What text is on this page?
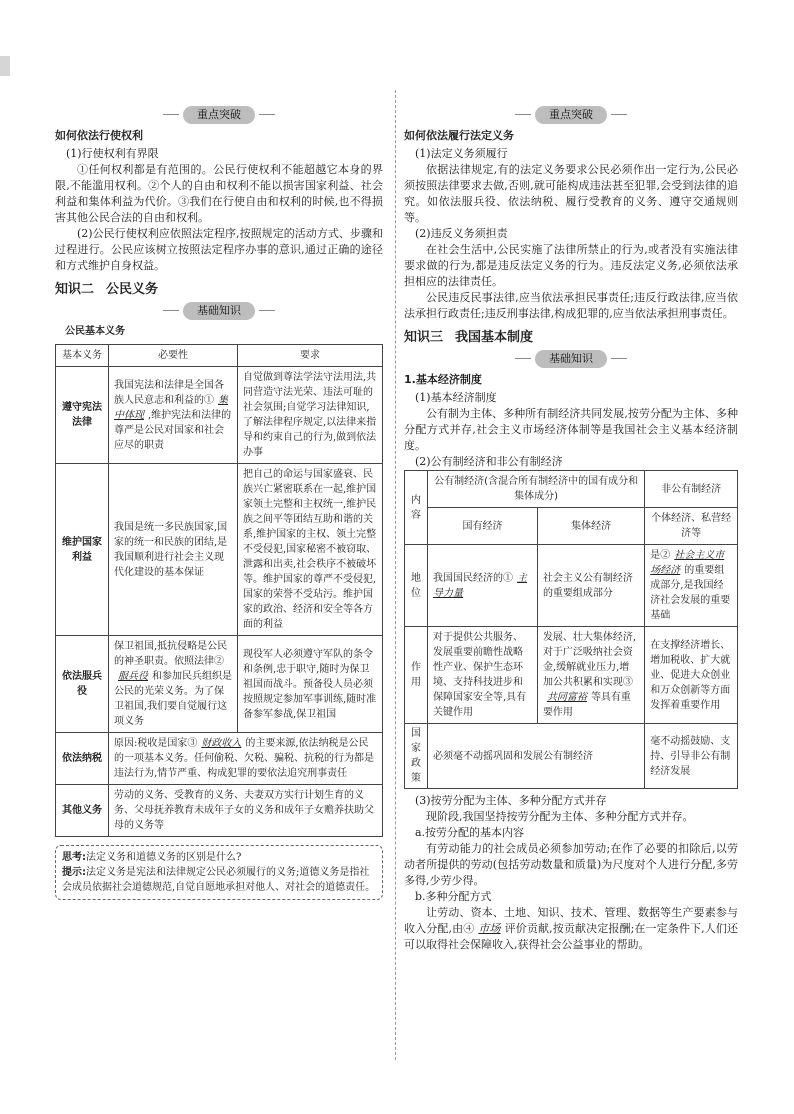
重点突破
如何依法行使权利

(1)行使权利有界限

①任何权利都是有范围的。公民行使权利不能超越它本身的界限,不能滥用权利。②个人的自由和权利不能以损害国家利益、社会利益和集体利益为代价。③我们在行使自由和权利的时候,也不得损害其他公民合法的自由和权利。

(2)公民行使权利应依照法定程序,按照规定的活动方式、步骤和过程进行。公民应该树立按照法定程序办事的意识,通过正确的途径和方式维护自身权益。

知识二 公民义务
基础知识
公民基本义务
基本义务	必要性	要求
遵守宪法法律	我国宪法和法律是全国各族人民意志和利益的① 集中体现 ,维护宪法和法律的尊严是公民对国家和社会应尽的职责	自觉做到尊法学法守法用法,共同营造守法光荣、违法可耻的社会氛围;自觉学习法律知识,了解法律程序规定,以法律来指导和约束自己的行为,做到依法办事
维护国家利益	我国是统一多民族国家,国家的统一和民族的团结,是我国顺利进行社会主义现代化建设的基本保证	把自己的命运与国家盛衰、民族兴亡紧密联系在一起,维护国家领土完整和主权统一,维护民族之间平等团结互助和谐的关系,维护国家的主权、领土完整不受侵犯,国家秘密不被窃取、泄露和出卖,社会秩序不被破坏等。维护国家的尊严不受侵犯,国家的荣誉不受玷污。维护国家的政治、经济和安全等各方面的利益
依法服兵役	保卫祖国,抵抗侵略是公民的神圣职责。依照法律②服兵役 和参加民兵组织是公民的光荣义务。为了保卫祖国,我们要自觉履行这项义务	现役军人必须遵守军队的条令和条例,忠于职守,随时为保卫祖国而战斗。预备役人员必须按照规定参加军事训练,随时准备参军参战,保卫祖国
依法纳税	原因:税收是国家③ 财政收入 的主要来源,依法纳税是公民的一项基本义务。任何偷税、欠税、骗税、抗税的行为都是违法行为,情节严重、构成犯罪的要依法追究刑事责任	
其他义务	劳动的义务、受教育的义务、夫妻双方实行计划生育的义务、父母抚养教育未成年子女的义务和成年子女赡养扶助父母的义务等	
思考:法定义务和道德义务的区别是什么?
提示:法定义务是宪法和法律规定公民必须履行的义务;道德义务是指社会成员依据社会道德规范,自觉自愿地承担对他人、对社会的道德责任。
重点突破
如何依法履行法定义务

(1)法定义务须履行

依据法律规定,有的法定义务要求公民必须作出一定行为,公民必须按照法律要求去做,否则,就可能构成违法甚至犯罪,会受到法律的追究。如依法服兵役、依法纳税、履行受教育的义务、遵守交通规则等。

(2)违反义务须担责

在社会生活中,公民实施了法律所禁止的行为,或者没有实施法律要求做的行为,都是违反法定义务的行为。违反法定义务,必须依法承担相应的法律责任。

公民违反民事法律,应当依法承担民事责任;违反行政法律,应当依法承担行政责任;违反刑事法律,构成犯罪的,应当依法承担刑事责任。

知识三 我国基本制度
基础知识
1.基本经济制度

(1)基本经济制度

公有制为主体、多种所有制经济共同发展,按劳分配为主体、多种分配方式并存,社会主义市场经济体制等是我国社会主义基本经济制度。

(2)公有制经济和非公有制经济

内容	公有制经济(含混合所有制经济中的国有成分和集体成分)		非公有制经济
	国有经济	集体经济	个体经济、私营经济等
地位	我国国民经济的① 主导力量	社会主义公有制经济的重要组成部分	是② 社会主义市场经济 的重要组成部分,是我国经济社会发展的重要基础
作用	对于提供公共服务、发展重要前瞻性战略性产业、保护生态环境、支持科技进步和保障国家安全等,具有关键作用	发展、壮大集体经济,对于广泛吸纳社会资金,缓解就业压力,增加公共积累和实现③共同富裕 等具有重要作用	在支撑经济增长、增加税收、扩大就业、促进大众创业和万众创新等方面发挥着重要作用
国家政策	必须毫不动摇巩固和发展公有制经济		毫不动摇鼓励、支持、引导非公有制经济发展

(3)按劳分配为主体、多种分配方式并存

现阶段,我国坚持按劳分配为主体、多种分配方式并存。

a.按劳分配的基本内容

有劳动能力的社会成员必须参加劳动;在作了必要的扣除后,以劳动者所提供的劳动(包括劳动数量和质量)为尺度对个人进行分配,多劳多得,少劳少得。

b.多种分配方式

让劳动、资本、土地、知识、技术、管理、数据等生产要素参与收入分配,由④ 市场 评价贡献,按贡献决定报酬;在一定条件下,人们还可以取得社会保障收入,获得社会公益事业的帮助。
